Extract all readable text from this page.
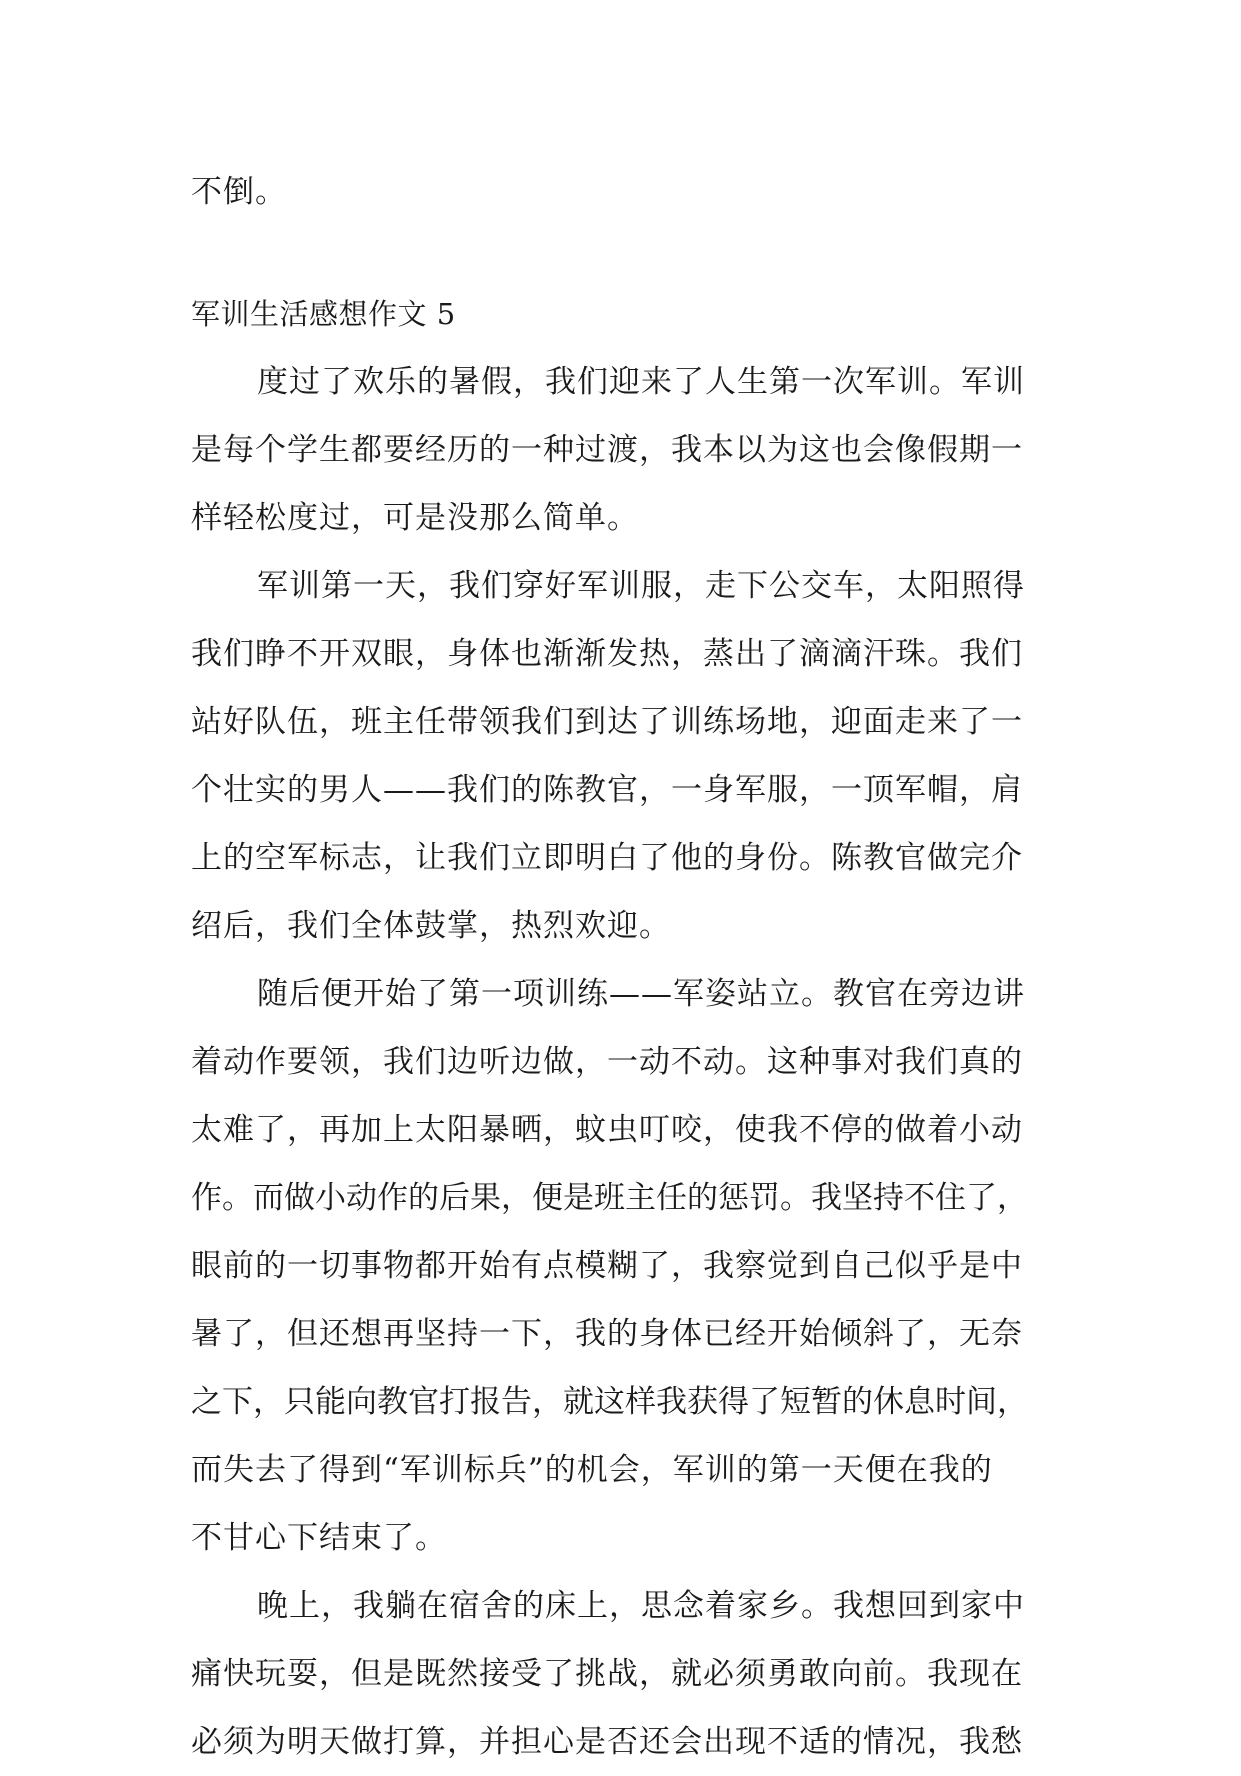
不倒。
军训生活感想作文 5
度过了欢乐的暑假，我们迎来了人生第一次军训。军训
是每个学生都要经历的一种过渡，我本以为这也会像假期一
样轻松度过，可是没那么简单。
军训第一天，我们穿好军训服，走下公交车，太阳照得
我们睁不开双眼，身体也渐渐发热，蒸出了滴滴汗珠。我们
站好队伍，班主任带领我们到达了训练场地，迎面走来了一
个壮实的男人——我们的陈教官，一身军服，一顶军帽，肩
上的空军标志，让我们立即明白了他的身份。陈教官做完介
绍后，我们全体鼓掌，热烈欢迎。
随后便开始了第一项训练——军姿站立。教官在旁边讲
着动作要领，我们边听边做，一动不动。这种事对我们真的
太难了，再加上太阳暴晒，蚊虫叮咬，使我不停的做着小动
作。而做小动作的后果，便是班主任的惩罚。我坚持不住了，
眼前的一切事物都开始有点模糊了，我察觉到自己似乎是中
暑了，但还想再坚持一下，我的身体已经开始倾斜了，无奈
之下，只能向教官打报告，就这样我获得了短暂的休息时间，
而失去了得到“军训标兵”的机会，军训的第一天便在我的
不甘心下结束了。
晚上，我躺在宿舍的床上，思念着家乡。我想回到家中
痛快玩耍，但是既然接受了挑战，就必须勇敢向前。我现在
必须为明天做打算，并担心是否还会出现不适的情况，我愁
